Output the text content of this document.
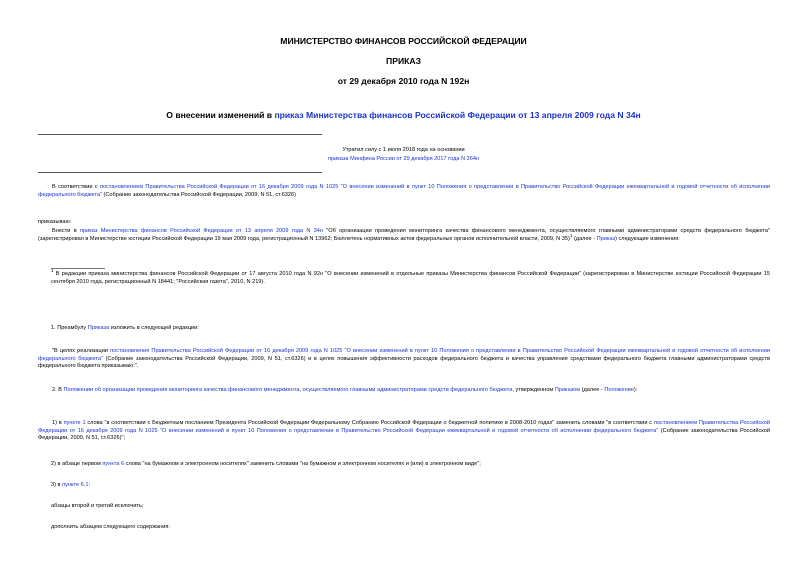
МИНИСТЕРСТВО ФИНАНСОВ РОССИЙСКОЙ ФЕДЕРАЦИИ
ПРИКАЗ
от 29 декабря 2010 года N 192н
О внесении изменений в приказ Министерства финансов Российской Федерации от 13 апреля 2009 года N 34н
Утратил силу с 1 июля 2018 года на основании
приказа Минфина России от 29 декабря 2017 года N 264н
В соответствии с постановлением Правительства Российской Федерации от 16 декабря 2009 года N 1025 "О внесении изменений в пункт 10 Положения о представлении в Правительство Российской Федерации ежеквартальной и годовой отчетности об исполнении федерального бюджета" (Собрание законодательства Российской Федерации, 2009, N 51, ст.6326)
приказываю:
Внести в приказ Министерства финансов Российской Федерации от 13 апреля 2009 года N 34н "Об организации проведения мониторинга качества финансового менеджмента, осуществляемого главными администраторами средств федерального бюджета" (зарегистрирован в Министерстве юстиции Российской Федерации 19 мая 2009 года, регистрационный N 13962; Бюллетень нормативных актов федеральных органов исполнительной власти, 2009, N 35)$^1$ (далее - Приказ) следующие изменения:
$^1$ В редакции приказа министерства финансов Российской Федерации от 17 августа 2010 года N 92н "О внесении изменений в отдельные приказы Министерства финансов Российской Федерации" (зарегистрирован в Министерстве юстиции Российской Федерации 15 сентября 2010 года, регистрационный N 18441; "Российская газета", 2010, N 219).
1. Преамбулу Приказа изложить в следующей редакции:
"В целях реализации постановления Правительства Российской Федерации от 16 декабря 2009 года N 1025 "О внесении изменений в пункт 10 Положения о представлении в Правительство Российской Федерации ежеквартальной и годовой отчетности об исполнении федерального бюджета" (Собрание законодательства Российской Федерации, 2009, N 51, ст.6326) и в целях повышения эффективности расходов федерального бюджета и качества управления средствами федерального бюджета главными администраторами средств федерального бюджета приказываю:".
2. В Положении об организации проведения мониторинга качества финансового менеджмента, осуществляемого главными администраторами средств федерального бюджета, утвержденном Приказом (далее - Положение):
1) в пункте 1 слова "в соответствии с Бюджетным посланием Президента Российской Федерации Федеральному Собранию Российской Федерации о бюджетной политике в 2008-2010 годах" заменить словами "в соответствии с постановлением Правительства Российской Федерации от 16 декабря 2009 года N 1025 "О внесении изменений в пункт 10 Положения о представлении в Правительство Российской Федерации ежеквартальной и годовой отчетности об исполнении федерального бюджета" (Собрание законодательства Российской Федерации, 2009, N 51, ст.6326)";
2) в абзаце первом пункта 6 слова "на бумажном и электронном носителях" заменить словами "на бумажном и электронном носителях и (или) в электронном виде";
3) в пункте 6.1:
абзацы второй и третий исключить;
дополнить абзацем следующего содержания:
